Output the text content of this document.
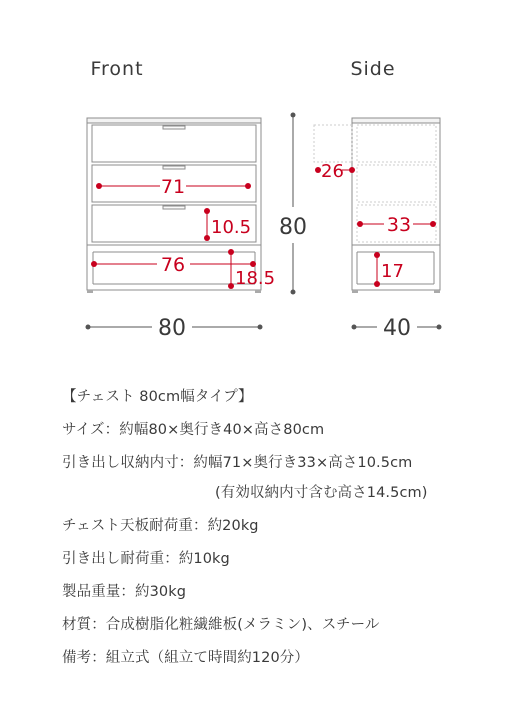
Front	Side
71
10.5
76
18.5
80
80
26
33
17
40

【チェスト 80cm幅タイプ】

サイズ：約幅80×奥行き40×高さ80cm

引き出し収納内寸：約幅71×奥行き33×高さ10.5cm

(有効収納内寸含む高さ14.5cm)

チェスト天板耐荷重：約20kg

引き出し耐荷重：約10kg

製品重量：約30kg

材質：合成樹脂化粧繊維板(メラミン)、スチール

備考：組立式（組立て時間約120分）
